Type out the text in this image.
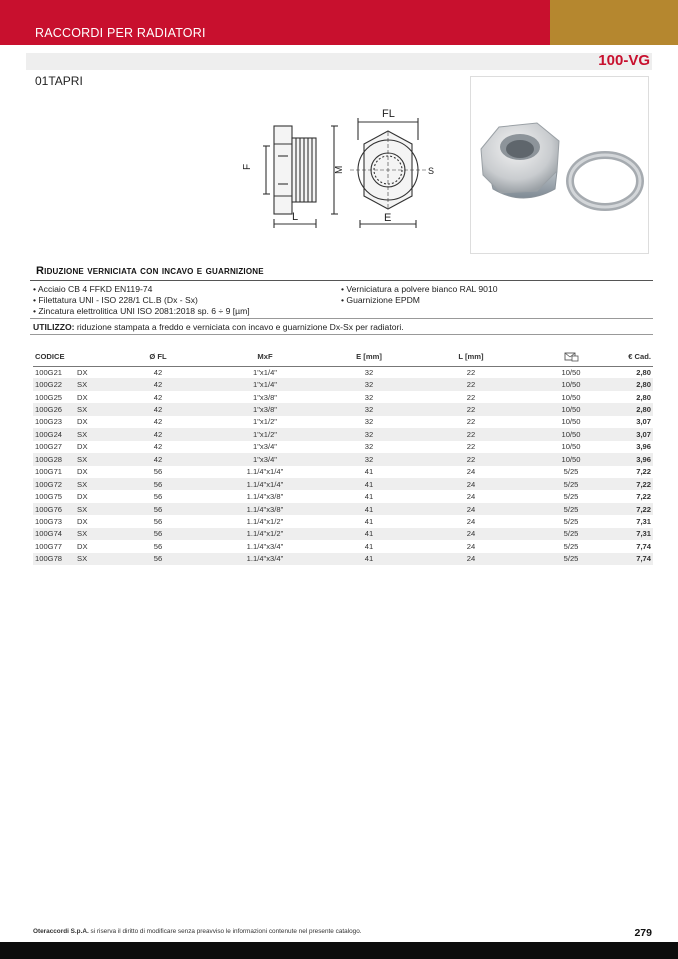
RACCORDI PER RADIATORI
100-VG
01TAPRI
F	M
L
FL
S
E
Riduzione verniciata con incavo e guarnizione
• Acciaio CB 4 FFKD EN119-74
• Filettatura UNI - ISO 228/1 CL.B (Dx - Sx)
• Zincatura elettrolitica UNI ISO 2081:2018 sp. 6 ÷ 9 [µm]
• Verniciatura a polvere bianco RAL 9010
• Guarnizione EPDM
UTILIZZO: riduzione stampata a freddo e verniciata con incavo e guarnizione Dx-Sx per radiatori.
CODICE		Ø FL	MxF	E [mm]	L [mm]		€ Cad.
100G21	DX	42	1"x1/4"	32	22	10/50	2,80
100G22	SX	42	1"x1/4"	32	22	10/50	2,80
100G25	DX	42	1"x3/8"	32	22	10/50	2,80
100G26	SX	42	1"x3/8"	32	22	10/50	2,80
100G23	DX	42	1"x1/2"	32	22	10/50	3,07
100G24	SX	42	1"x1/2"	32	22	10/50	3,07
100G27	DX	42	1"x3/4"	32	22	10/50	3,96
100G28	SX	42	1"x3/4"	32	22	10/50	3,96
100G71	DX	56	1.1/4"x1/4"	41	24	5/25	7,22
100G72	SX	56	1.1/4"x1/4"	41	24	5/25	7,22
100G75	DX	56	1.1/4"x3/8"	41	24	5/25	7,22
100G76	SX	56	1.1/4"x3/8"	41	24	5/25	7,22
100G73	DX	56	1.1/4"x1/2"	41	24	5/25	7,31
100G74	SX	56	1.1/4"x1/2"	41	24	5/25	7,31
100G77	DX	56	1.1/4"x3/4"	41	24	5/25	7,74
100G78	SX	56	1.1/4"x3/4"	41	24	5/25	7,74
Oteraccordi S.p.A. si riserva il diritto di modificare senza preavviso le informazioni contenute nel presente catalogo.	279
